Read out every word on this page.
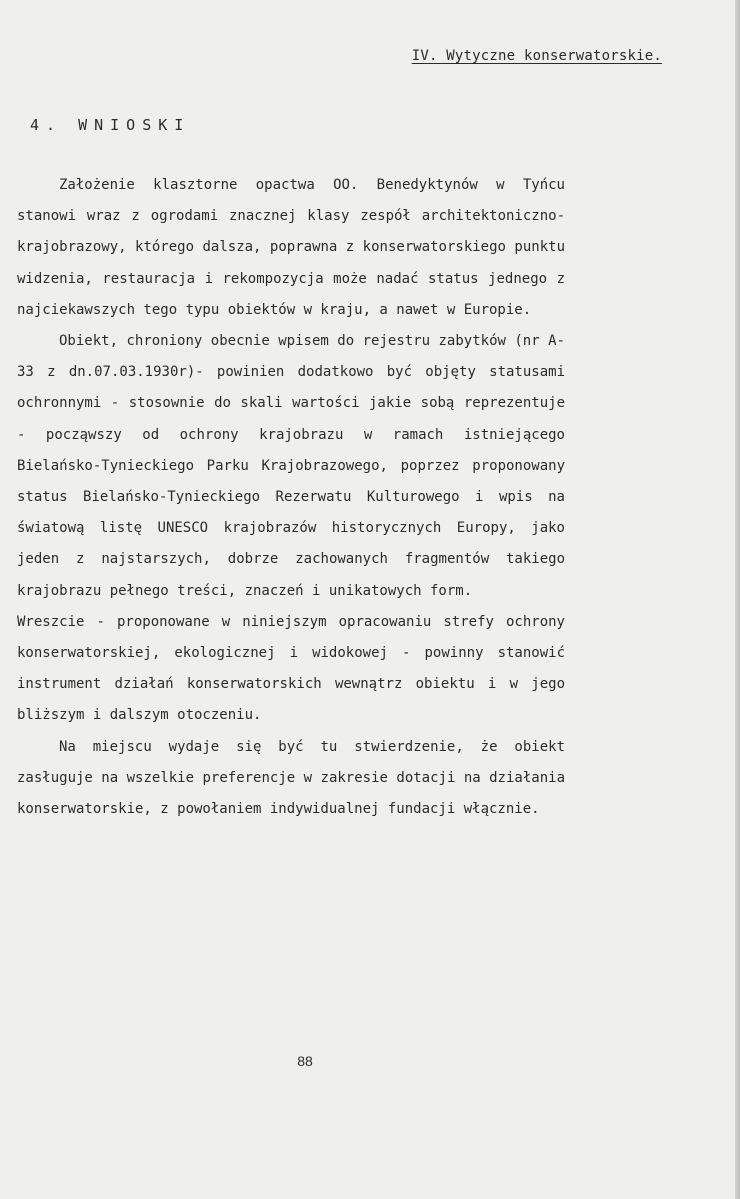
IV. Wytyczne konserwatorskie.
4. WNIOSKI

Założenie klasztorne opactwa OO. Benedyktynów w Tyńcu stanowi wraz z ogrodami znacznej klasy zespół architektoniczno-krajobrazowy, którego dalsza, poprawna z konserwatorskiego punktu widzenia, restauracja i rekompozycja może nadać status jednego z najciekawszych tego typu obiektów w kraju, a nawet w Europie.

Obiekt, chroniony obecnie wpisem do rejestru zabytków (nr A-33 z dn.07.03.1930r)- powinien dodatkowo być objęty statusami ochronnymi - stosownie do skali wartości jakie sobą reprezentuje - począwszy od ochrony krajobrazu w ramach istniejącego Bielańsko-Tynieckiego Parku Krajobrazowego, poprzez proponowany status Bielańsko-Tynieckiego Rezerwatu Kulturowego i wpis na światową listę UNESCO krajobrazów historycznych Europy, jako jeden z najstarszych, dobrze zachowanych fragmentów takiego krajobrazu pełnego treści, znaczeń i unikatowych form.

Wreszcie - proponowane w niniejszym opracowaniu strefy ochrony konserwatorskiej, ekologicznej i widokowej - powinny stanowić instrument działań konserwatorskich wewnątrz obiektu i w jego bliższym i dalszym otoczeniu.

Na miejscu wydaje się być tu stwierdzenie, że obiekt zasługuje na wszelkie preferencje w zakresie dotacji na działania konserwatorskie, z powołaniem indywidualnej fundacji włącznie.

88
